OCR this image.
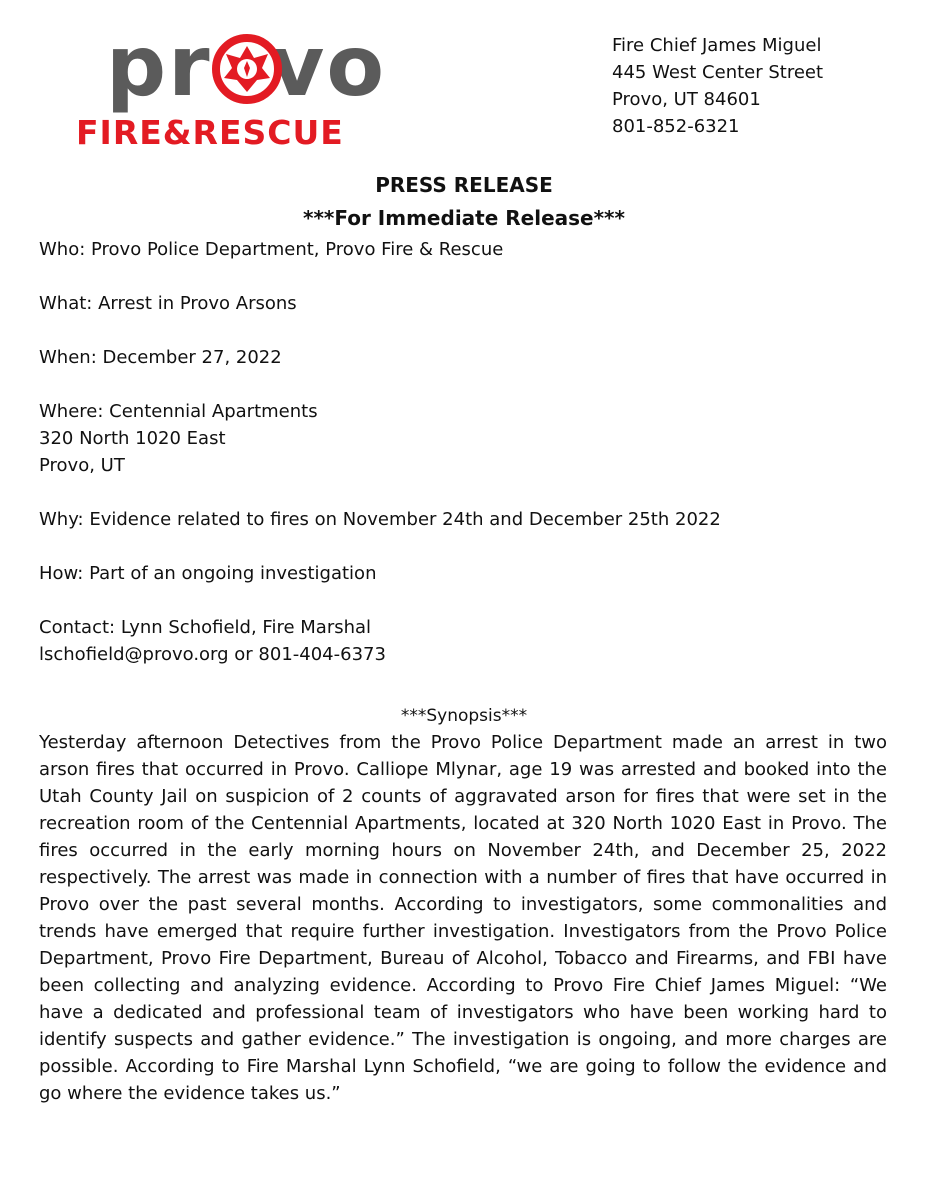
pr vo
FIRE&RESCUE
Fire Chief James Miguel
445 West Center Street
Provo, UT 84601
801-852-6321
PRESS RELEASE
***For Immediate Release***
Who: Provo Police Department, Provo Fire & Rescue
What: Arrest in Provo Arsons
When: December 27, 2022
Where: Centennial Apartments
320 North 1020 East
Provo, UT
Why: Evidence related to fires on November 24th and December 25th 2022
How: Part of an ongoing investigation
Contact: Lynn Schofield, Fire Marshal
lschofield@provo.org or 801-404-6373
***Synopsis***

Yesterday afternoon Detectives from the Provo Police Department made an arrest in two arson fires that occurred in Provo. Calliope Mlynar, age 19 was arrested and booked into the Utah County Jail on suspicion of 2 counts of aggravated arson for fires that were set in the recreation room of the Centennial Apartments, located at 320 North 1020 East in Provo. The fires occurred in the early morning hours on November 24th, and December 25, 2022 respectively. The arrest was made in connection with a number of fires that have occurred in Provo over the past several months. According to investigators, some commonalities and trends have emerged that require further investigation. Investigators from the Provo Police Department, Provo Fire Department, Bureau of Alcohol, Tobacco and Firearms, and FBI have been collecting and analyzing evidence. According to Provo Fire Chief James Miguel: “We have a dedicated and professional team of investigators who have been working hard to identify suspects and gather evidence.” The investigation is ongoing, and more charges are possible. According to Fire Marshal Lynn Schofield, “we are going to follow the evidence and go where the evidence takes us.”
